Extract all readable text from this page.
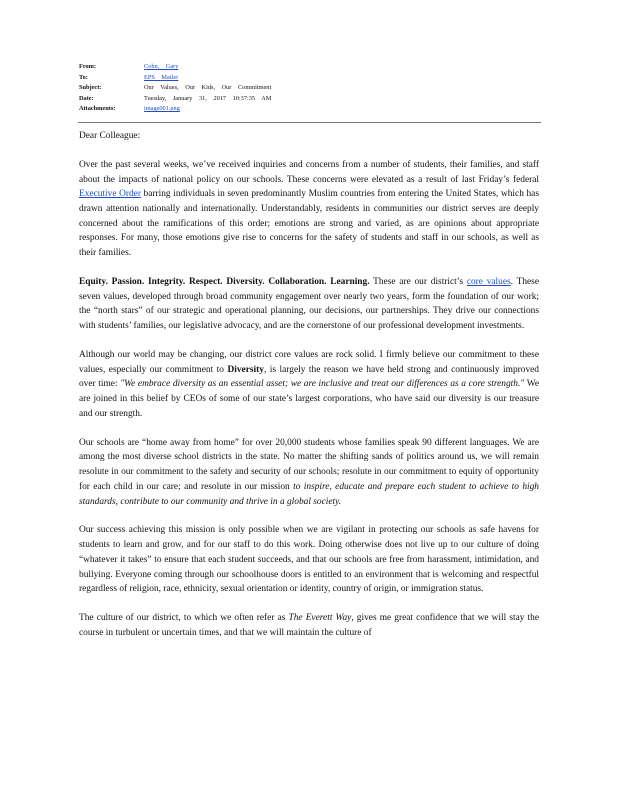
From:	Cohn, Gary
To:	EPS Mailer
Subject:	Our Values, Our Kids, Our Commitment
Date:	Tuesday, January 31, 2017 10:37:35 AM
Attachments:	image001.png

Dear Colleague:

Over the past several weeks, we’ve received inquiries and concerns from a number of students, their families, and staff about the impacts of national policy on our schools. These concerns were elevated as a result of last Friday’s federal Executive Order barring individuals in seven predominantly Muslim countries from entering the United States, which has drawn attention nationally and internationally. Understandably, residents in communities our district serves are deeply concerned about the ramifications of this order; emotions are strong and varied, as are opinions about appropriate responses. For many, those emotions give rise to concerns for the safety of students and staff in our schools, as well as their families.

Equity. Passion. Integrity. Respect. Diversity. Collaboration. Learning. These are our district’s core values. These seven values, developed through broad community engagement over nearly two years, form the foundation of our work; the “north stars” of our strategic and operational planning, our decisions, our partnerships. They drive our connections with students’ families, our legislative advocacy, and are the cornerstone of our professional development investments.

Although our world may be changing, our district core values are rock solid. I firmly believe our commitment to these values, especially our commitment to Diversity, is largely the reason we have held strong and continuously improved over time: "We embrace diversity as an essential asset; we are inclusive and treat our differences as a core strength." We are joined in this belief by CEOs of some of our state’s largest corporations, who have said our diversity is our treasure and our strength.

Our schools are “home away from home” for over 20,000 students whose families speak 90 different languages. We are among the most diverse school districts in the state. No matter the shifting sands of politics around us, we will remain resolute in our commitment to the safety and security of our schools; resolute in our commitment to equity of opportunity for each child in our care; and resolute in our mission to inspire, educate and prepare each student to achieve to high standards, contribute to our community and thrive in a global society.

Our success achieving this mission is only possible when we are vigilant in protecting our schools as safe havens for students to learn and grow, and for our staff to do this work. Doing otherwise does not live up to our culture of doing “whatever it takes” to ensure that each student succeeds, and that our schools are free from harassment, intimidation, and bullying. Everyone coming through our schoolhouse doors is entitled to an environment that is welcoming and respectful regardless of religion, race, ethnicity, sexual orientation or identity, country of origin, or immigration status.

The culture of our district, to which we often refer as The Everett Way, gives me great confidence that we will stay the course in turbulent or uncertain times, and that we will maintain the culture of
